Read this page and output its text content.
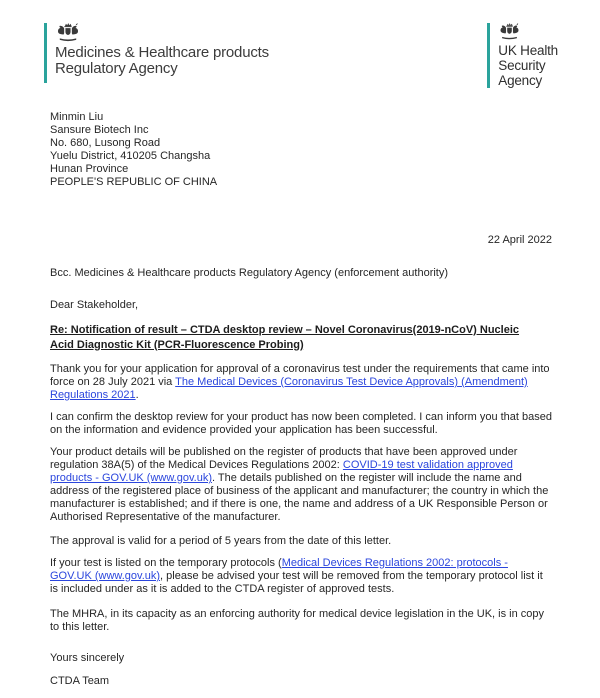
Medicines & Healthcare products
Regulatory Agency
UK Health
Security
Agency
Minmin Liu
Sansure Biotech Inc
No. 680, Lusong Road
Yuelu District, 410205 Changsha
Hunan Province
PEOPLE'S REPUBLIC OF CHINA
22 April 2022
Bcc. Medicines & Healthcare products Regulatory Agency (enforcement authority)
Dear Stakeholder,
Re: Notification of result – CTDA desktop review – Novel Coronavirus(2019-nCoV) Nucleic
Acid Diagnostic Kit (PCR-Fluorescence Probing)

Thank you for your application for approval of a coronavirus test under the requirements that came into force on 28 July 2021 via The Medical Devices (Coronavirus Test Device Approvals) (Amendment) Regulations 2021.

I can confirm the desktop review for your product has now been completed. I can inform you that based on the information and evidence provided your application has been successful.

Your product details will be published on the register of products that have been approved under regulation 38A(5) of the Medical Devices Regulations 2002: COVID-19 test validation approved products - GOV.UK (www.gov.uk). The details published on the register will include the name and address of the registered place of business of the applicant and manufacturer; the country in which the manufacturer is established; and if there is one, the name and address of a UK Responsible Person or Authorised Representative of the manufacturer.

The approval is valid for a period of 5 years from the date of this letter.

If your test is listed on the temporary protocols (Medical Devices Regulations 2002: protocols - GOV.UK (www.gov.uk), please be advised your test will be removed from the temporary protocol list it is included under as it is added to the CTDA register of approved tests.

The MHRA, in its capacity as an enforcing authority for medical device legislation in the UK, is in copy to this letter.

Yours sincerely
CTDA Team
